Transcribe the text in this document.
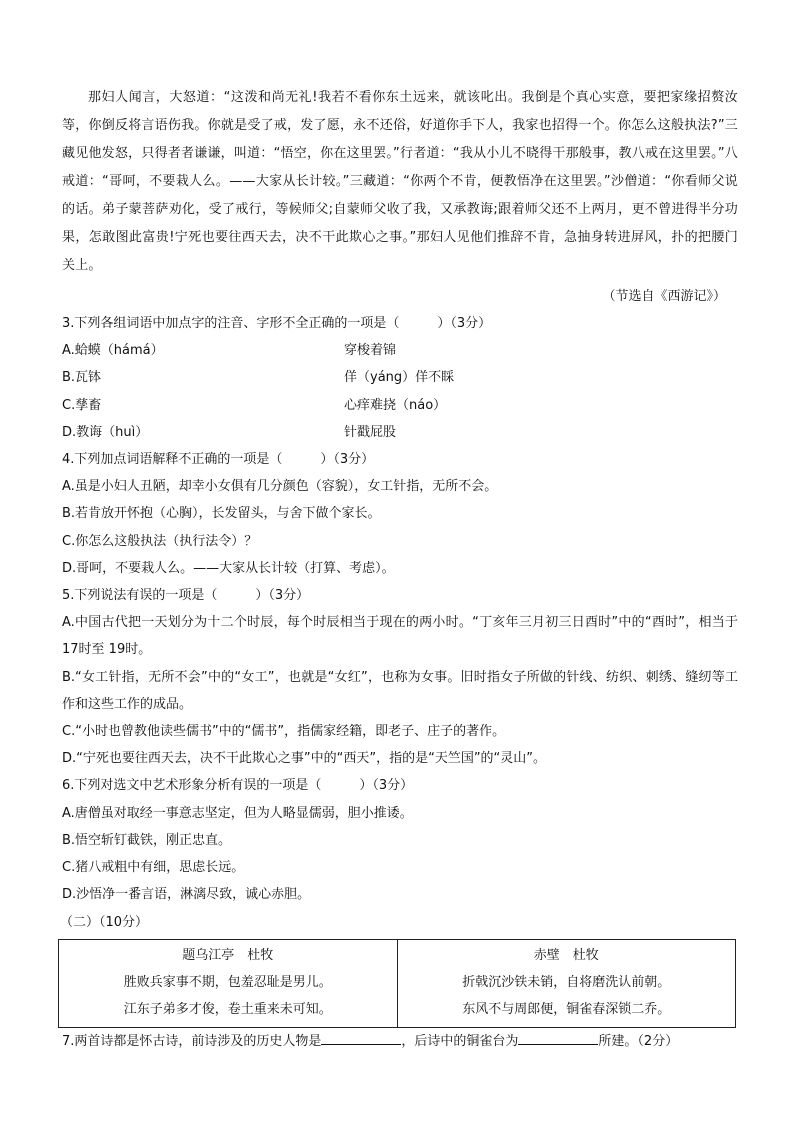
那妇人闻言，大怒道：“这泼和尚无礼!我若不看你东土远来，就该叱出。我倒是个真心实意，要把家缘招赘汝等，你倒反将言语伤我。你就是受了戒，发了愿，永不还俗，好道你手下人，我家也招得一个。你怎么这般执法?”三藏见他发怒，只得者者谦谦，叫道：“悟空，你在这里罢。”行者道：“我从小儿不晓得干那般事，教八戒在这里罢。”八戒道：“哥呵，不要栽人么。——大家从长计较。”三藏道：“你两个不肯，便教悟净在这里罢。”沙僧道：“你看师父说的话。弟子蒙菩萨劝化，受了戒行，等候师父;自蒙师父收了我，又承教诲;跟着师父还不上两月，更不曾进得半分功果，怎敢图此富贵!宁死也要往西天去，决不干此欺心之事。”那妇人见他们推辞不肯，急抽身转进屏风，扑的把腰门关上。

（节选自《西游记》）

3.下列各组词语中加点字的注音、字形不全正确的一项是（	）（3分）

A.蛤蟆（hámá）	穿梭着锦
B.瓦钵	佯（yáng）佯不睬
C.孳畜	心痒难挠（náo）
D.教诲（huì）	针戳屁股

4.下列加点词语解释不正确的一项是（	）（3分）

A.虽是小妇人丑陋，却幸小女俱有几分颜色（容貌），女工针指，无所不会。

B.若肯放开怀抱（心胸），长发留头，与舍下做个家长。

C.你怎么这般执法（执行法令）？

D.哥呵，不要栽人么。——大家从长计较（打算、考虑）。

5.下列说法有误的一项是（	）（3分）

A.中国古代把一天划分为十二个时辰，每个时辰相当于现在的两小时。“丁亥年三月初三日酉时”中的“酉时”，相当于 17时至 19时。

B.“女工针指，无所不会”中的“女工”，也就是“女红”，也称为女事。旧时指女子所做的针线、纺织、刺绣、缝纫等工作和这些工作的成品。

C.“小时也曾教他读些儒书”中的“儒书”，指儒家经籍，即老子、庄子的著作。

D.“宁死也要往西天去，决不干此欺心之事”中的“西天”，指的是“天竺国”的“灵山”。

6.下列对选文中艺术形象分析有误的一项是（	）（3分）

A.唐僧虽对取经一事意志坚定，但为人略显儒弱，胆小推诿。

B.悟空斩钉截铁，刚正忠直。

C.猪八戒粗中有细，思虑长远。

D.沙悟净一番言语，淋漓尽致，诚心赤胆。

（二）（10分）

题乌江亭　杜牧
胜败兵家事不期，包羞忍耻是男儿。
江东子弟多才俊，卷土重来未可知。

赤壁　杜牧
折戟沉沙铁未销，自将磨洗认前朝。
东风不与周郎便，铜雀春深锁二乔。

7.两首诗都是怀古诗，前诗涉及的历史人物是	，后诗中的铜雀台为	所建。（2分）
